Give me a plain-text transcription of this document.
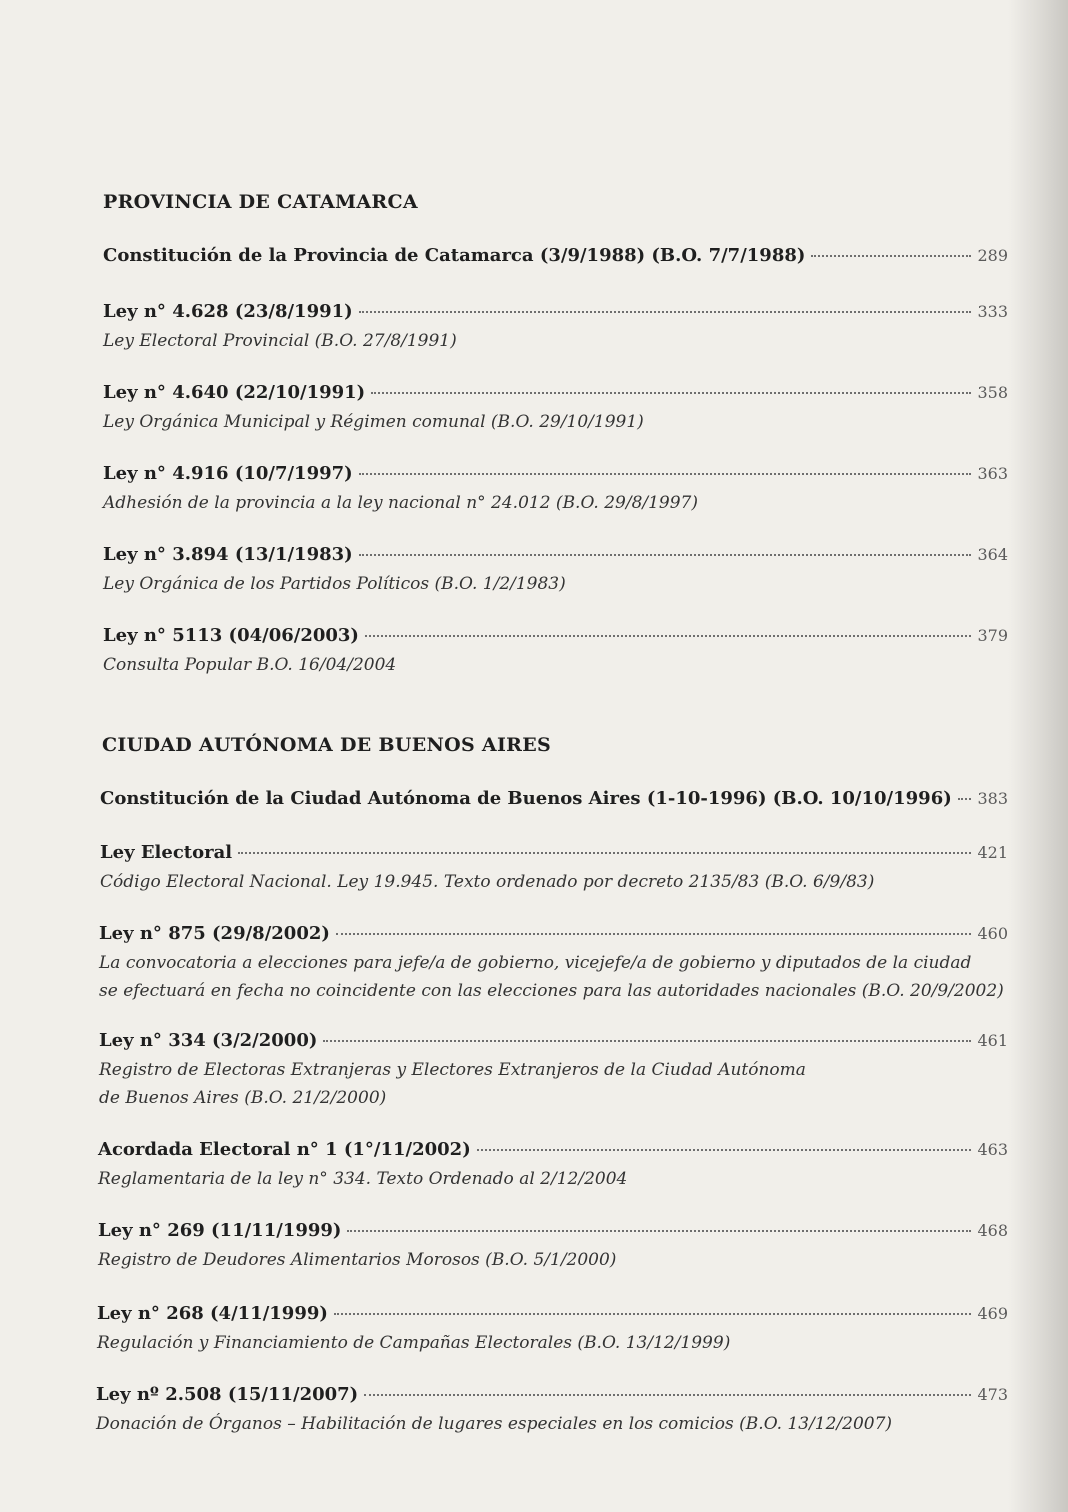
PROVINCIA DE CATAMARCA
Constitución de la Provincia de Catamarca (3/9/1988) (B.O. 7/7/1988)	289
Ley n° 4.628 (23/8/1991)	333
Ley Electoral Provincial (B.O. 27/8/1991)
Ley n° 4.640 (22/10/1991)	358
Ley Orgánica Municipal y Régimen comunal (B.O. 29/10/1991)
Ley n° 4.916 (10/7/1997)	363
Adhesión de la provincia a la ley nacional n° 24.012 (B.O. 29/8/1997)
Ley n° 3.894 (13/1/1983)	364
Ley Orgánica de los Partidos Políticos (B.O. 1/2/1983)
Ley n° 5113 (04/06/2003)	379
Consulta Popular B.O. 16/04/2004
CIUDAD AUTÓNOMA DE BUENOS AIRES
Constitución de la Ciudad Autónoma de Buenos Aires (1-10-1996) (B.O. 10/10/1996) 383
Ley Electoral	421
Código Electoral Nacional. Ley 19.945. Texto ordenado por decreto 2135/83 (B.O. 6/9/83)
Ley n° 875 (29/8/2002)	460
La convocatoria a elecciones para jefe/a de gobierno, vicejefe/a de gobierno y diputados de la ciudad
se efectuará en fecha no coincidente con las elecciones para las autoridades nacionales (B.O. 20/9/2002)
Ley n° 334 (3/2/2000)	461
Registro de Electoras Extranjeras y Electores Extranjeros de la Ciudad Autónoma
de Buenos Aires (B.O. 21/2/2000)
Acordada Electoral n° 1 (1°/11/2002)	463
Reglamentaria de la ley n° 334. Texto Ordenado al 2/12/2004
Ley n° 269 (11/11/1999)	468
Registro de Deudores Alimentarios Morosos (B.O. 5/1/2000)
Ley n° 268 (4/11/1999)	469
Regulación y Financiamiento de Campañas Electorales (B.O. 13/12/1999)
Ley nº 2.508 (15/11/2007)	473
Donación de Órganos – Habilitación de lugares especiales en los comicios (B.O. 13/12/2007)
